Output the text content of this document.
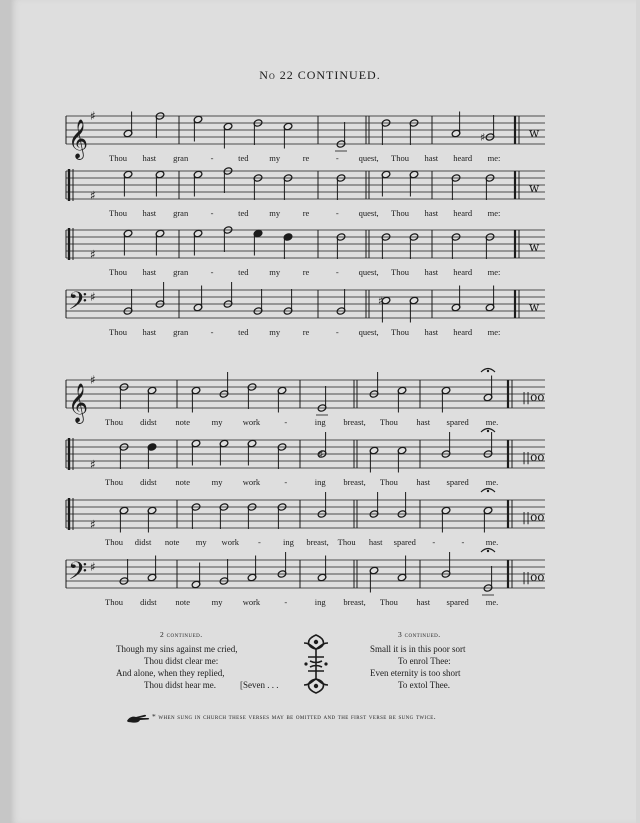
No 22 CONTINUED.
𝄞
♯
♯
♯
𝄢 ♯
w
w
w
w
𝄞
♯
♯
♯
𝄢 ♯
||oo
||oo
||oo
||oo
♯
♯
♯
Thou hast gran	-	ted my	re	- quest, Thou hast heard me:
Thou hast gran	-	ted my	re	- quest, Thou hast heard me:
Thou hast gran	-	ted my	re	- quest, Thou hast heard me:
Thou hast gran	-	ted my	re	- quest, Thou hast heard me:
Thou didst note	my work	-	ing breast, Thou hast spared me.
Thou didst note	my work	-	ing breast, Thou hast spared me.
Thou didst note my work -	ing breast, Thou hast spared -	-	me.
Thou didst note	my work	-	ing breast, Thou hast spared me.
2 continued.
Though my sins against me cried,
Thou didst clear me:
And alone, when they replied,
Thou didst hear me.	[Seven . . .
3 continued.
Small it is in this poor sort
To enrol Thee:
Even eternity is too short
To extol Thee.
* when sung in church these verses may be omitted and the first verse be sung twice.
